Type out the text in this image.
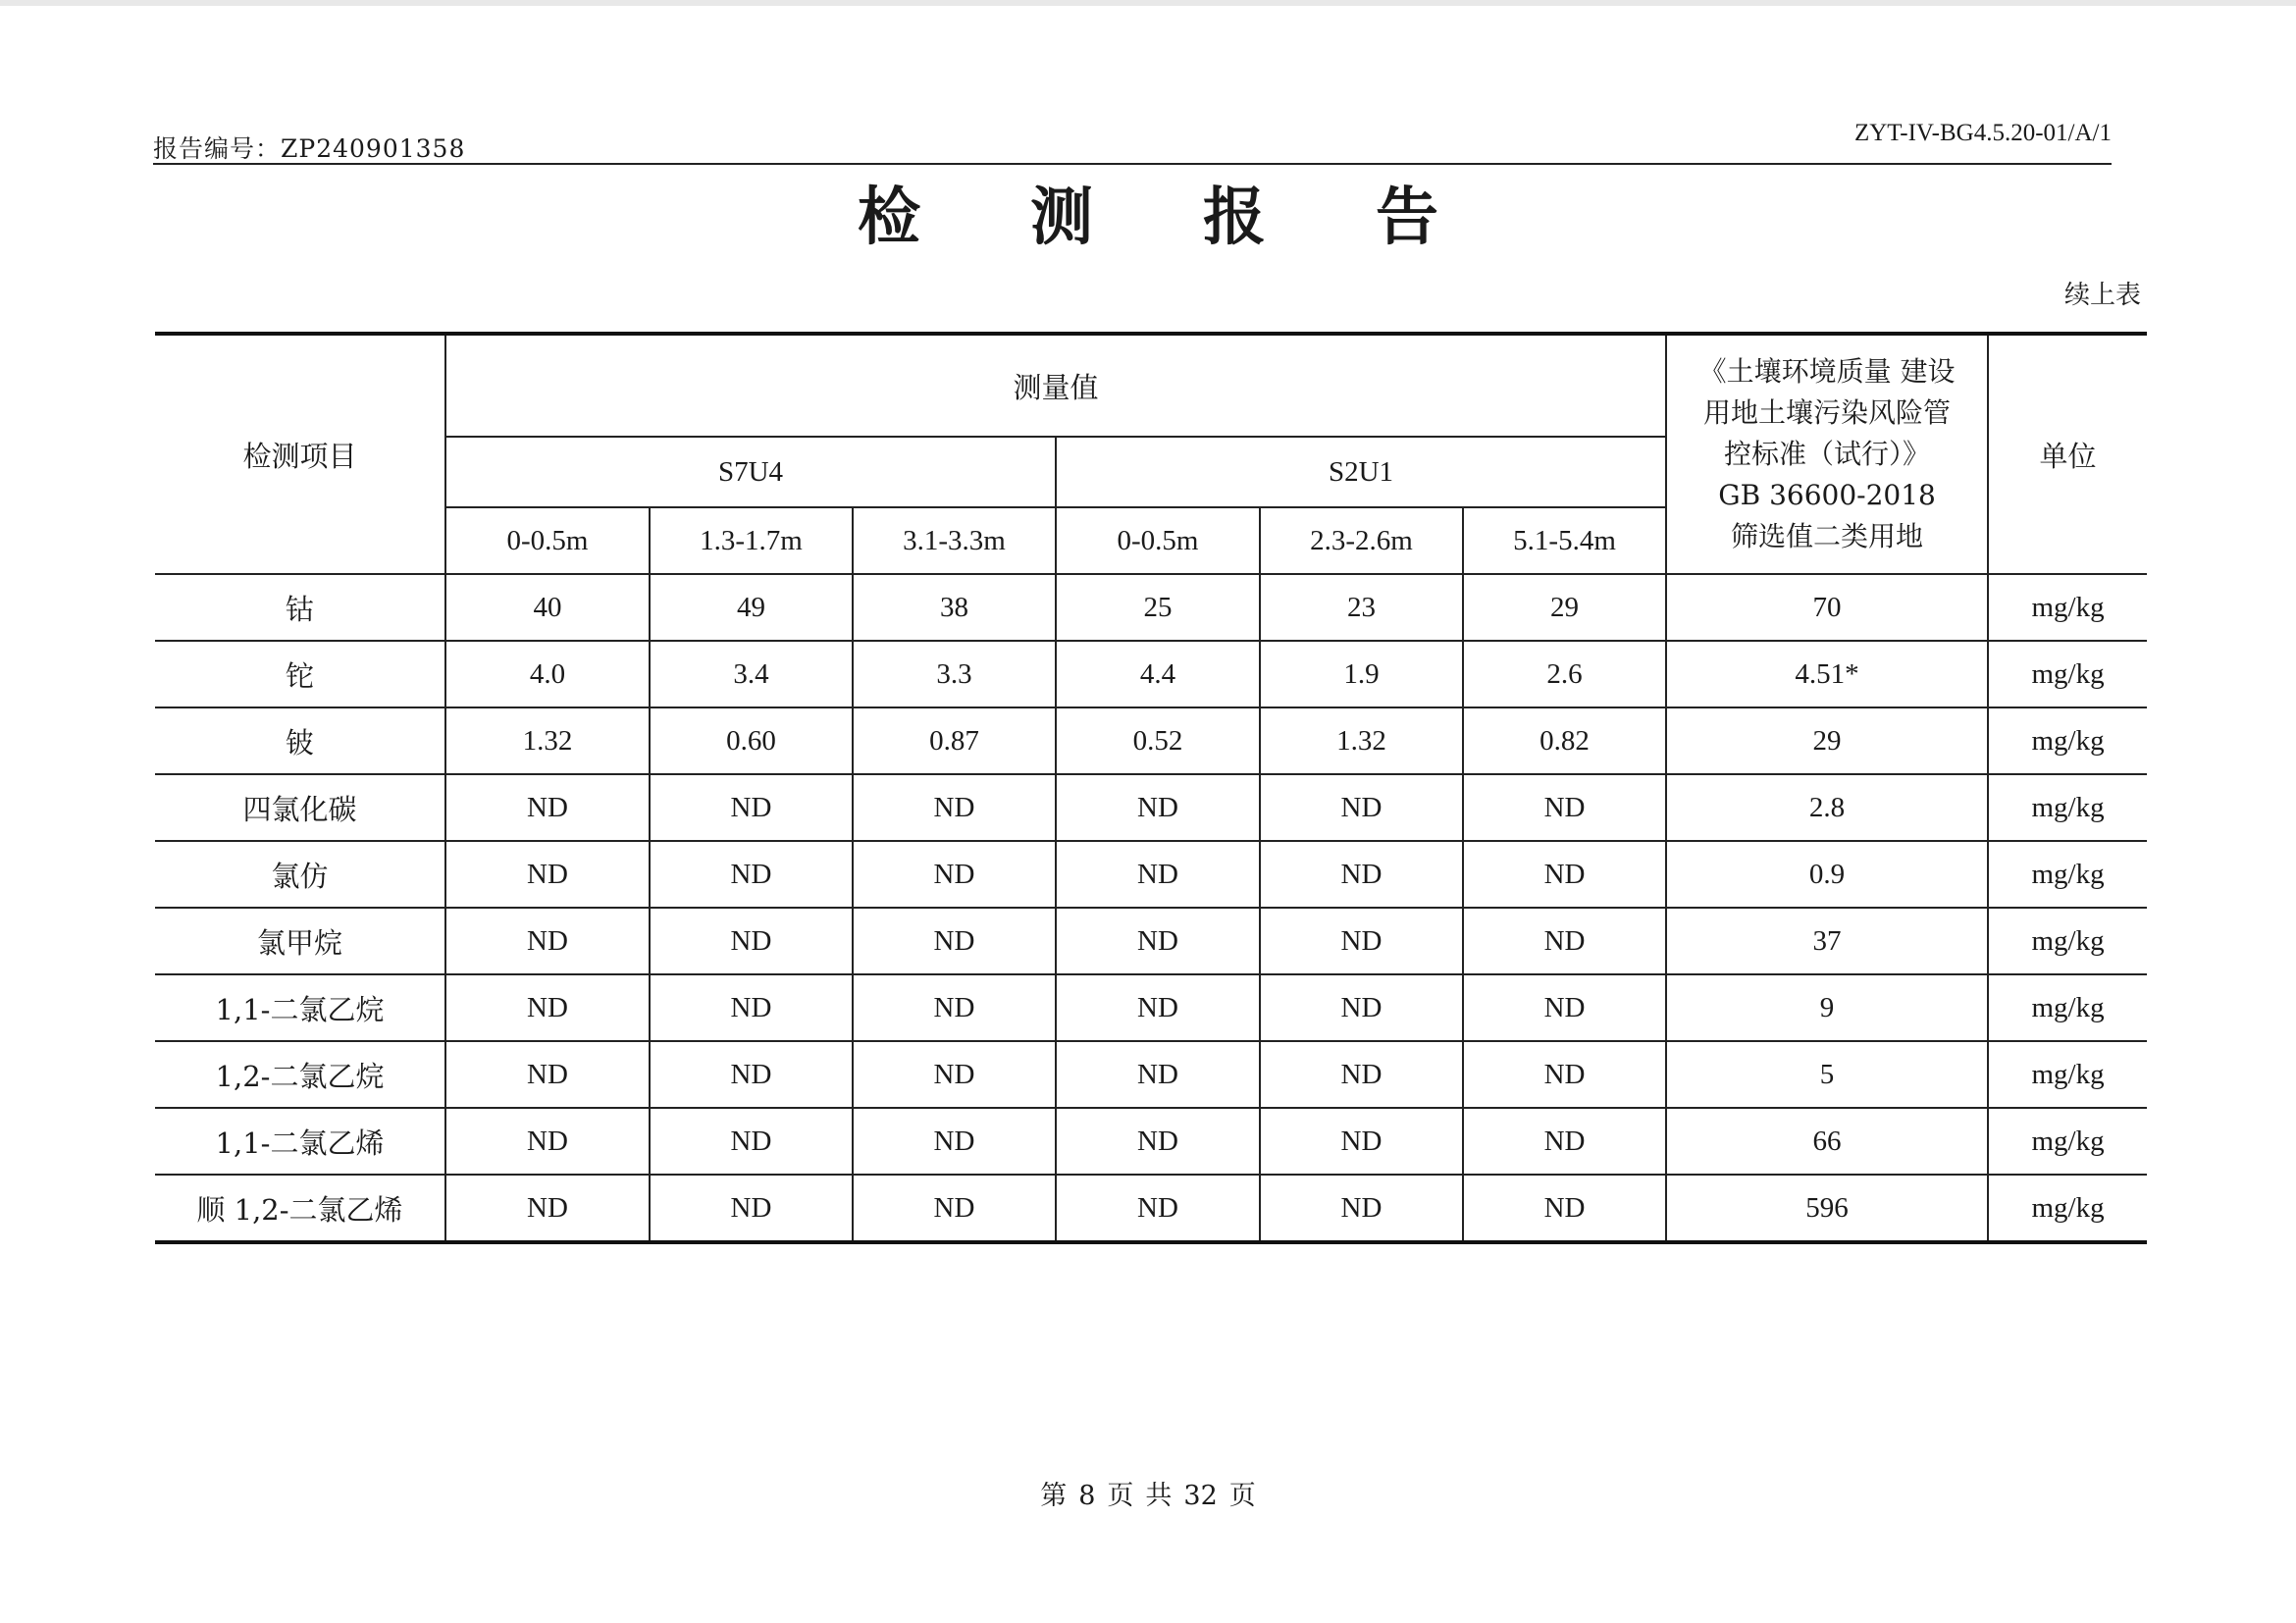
报告编号：ZP240901358
ZYT-IV-BG4.5.20-01/A/1
检 测 报 告
续上表
检测项目	测量值						《土壤环境质量 建设
用地土壤污染风险管
控标准（试行）》
GB 36600-2018
筛选值二类用地	单位
	S7U4			S2U1				
	0-0.5m	1.3-1.7m	3.1-3.3m	0-0.5m	2.3-2.6m	5.1-5.4m		
钴	40	49	38	25	23	29	70	mg/kg
铊	4.0	3.4	3.3	4.4	1.9	2.6	4.51*	mg/kg
铍	1.32	0.60	0.87	0.52	1.32	0.82	29	mg/kg
四氯化碳	ND	ND	ND	ND	ND	ND	2.8	mg/kg
氯仿	ND	ND	ND	ND	ND	ND	0.9	mg/kg
氯甲烷	ND	ND	ND	ND	ND	ND	37	mg/kg
1,1-二氯乙烷	ND	ND	ND	ND	ND	ND	9	mg/kg
1,2-二氯乙烷	ND	ND	ND	ND	ND	ND	5	mg/kg
1,1-二氯乙烯	ND	ND	ND	ND	ND	ND	66	mg/kg
顺 1,2-二氯乙烯	ND	ND	ND	ND	ND	ND	596	mg/kg
第 8 页 共 32 页
